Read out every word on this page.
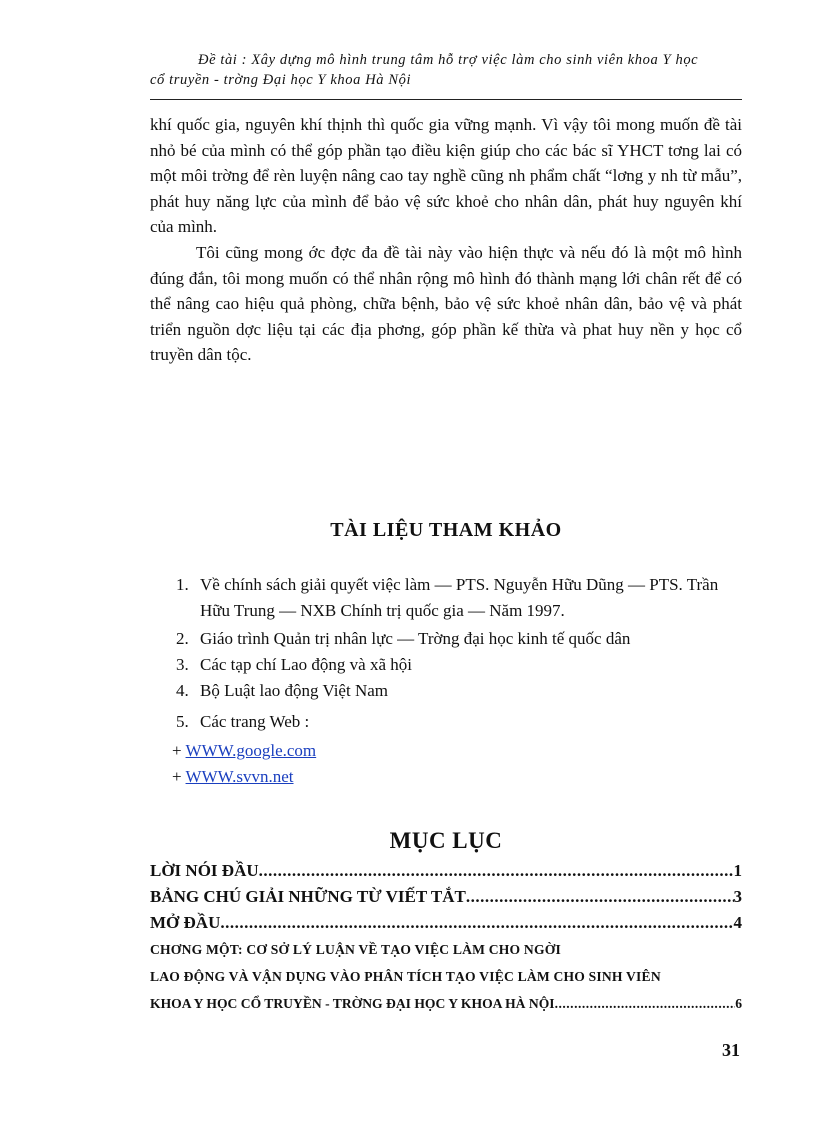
Đề tài : Xây dựng mô hình trung tâm hỗ trợ việc làm cho sinh viên khoa Y học
cổ truyền - trờng Đại học Y khoa Hà Nội

khí quốc gia, nguyên khí thịnh thì quốc gia vững mạnh. Vì vậy tôi mong muốn đề tài nhỏ bé của mình có thể góp phần tạo điều kiện giúp cho các bác sĩ YHCT tơng lai có một môi trờng để rèn luyện nâng cao tay nghề cũng nh phẩm chất “lơng y nh từ mẫu”, phát huy năng lực của mình để bảo vệ sức khoẻ cho nhân dân, phát huy nguyên khí của mình.

Tôi cũng mong ớc đợc đa đề tài này vào hiện thực và nếu đó là một mô hình đúng đắn, tôi mong muốn có thể nhân rộng mô hình đó thành mạng lới chân rết để có thể nâng cao hiệu quả phòng, chữa bệnh, bảo vệ sức khoẻ nhân dân, bảo vệ và phát triển nguồn dợc liệu tại các địa phơng, góp phần kế thừa và phat huy nền y học cổ truyền dân tộc.

TÀI LIỆU THAM KHẢO
1. Về chính sách giải quyết việc làm — PTS. Nguyễn Hữu Dũng — PTS. Trần Hữu Trung — NXB Chính trị quốc gia — Năm 1997.
2. Giáo trình Quản trị nhân lực — Trờng đại học kinh tế quốc dân
3. Các tạp chí Lao động và xã hội
4. Bộ Luật lao động Việt Nam
5. Các trang Web :
+ WWW.google.com
+ WWW.svvn.net
MỤC LỤC
LỜI NÓI ĐẦU .....	1
BẢNG CHÚ GIẢI NHỮNG TỪ VIẾT TẮT .....	3
MỞ ĐẦU .....	4
CHƠNG MỘT: CƠ SỞ LÝ LUẬN VỀ TẠO VIỆC LÀM CHO NGỜI
LAO ĐỘNG VÀ VẬN DỤNG VÀO PHÂN TÍCH TẠO VIỆC LÀM CHO SINH VIÊN
KHOA Y HỌC CỔ TRUYỀN - TRỜNG ĐẠI HỌC Y KHOA HÀ NỘI .....	6
31
